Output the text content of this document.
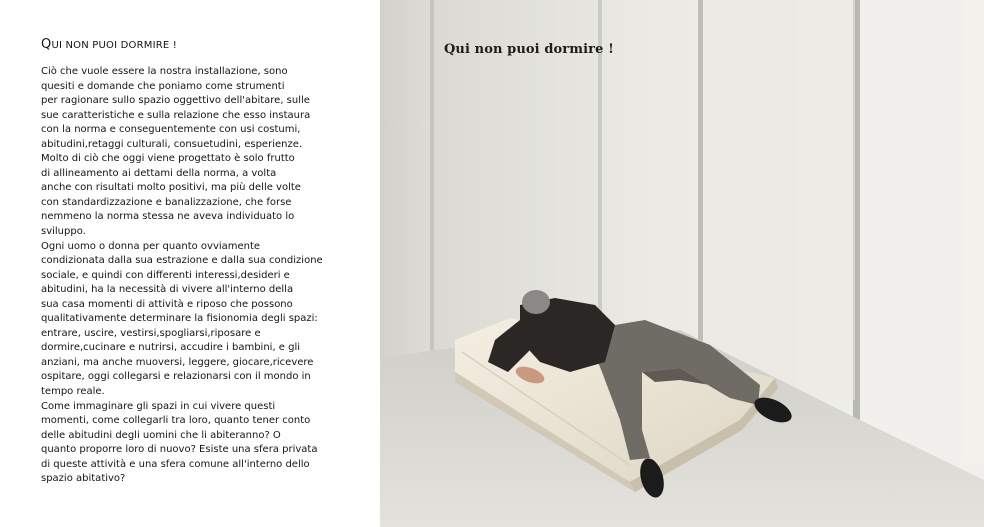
QUI NON PUOI DORMIRE !
Ciò che vuole essere la nostra installazione, sono
quesiti e domande che poniamo come strumenti
per ragionare sullo spazio oggettivo dell'abitare, sulle
sue caratteristiche e sulla relazione che esso instaura
con la norma e conseguentemente con usi costumi,
abitudini,retaggi culturali, consuetudini, esperienze.
Molto di ciò che oggi viene progettato è solo frutto
di allineamento ai dettami della norma, a volta
anche con risultati molto positivi, ma più delle volte
con standardizzazione e banalizzazione, che forse
nemmeno la norma stessa ne aveva individuato lo
sviluppo.
Ogni uomo o donna per quanto ovviamente
condizionata dalla sua estrazione e dalla sua condizione
sociale, e quindi con differenti interessi,desideri e
abitudini, ha la necessità di vivere all'interno della
sua casa momenti di attività e riposo che possono
qualitativamente determinare la fisionomia degli spazi:
entrare, uscire, vestirsi,spogliarsi,riposare e
dormire,cucinare e nutrirsi, accudire i bambini, e gli
anziani, ma anche muoversi, leggere, giocare,ricevere
ospitare, oggi collegarsi e relazionarsi con il mondo in
tempo reale.
Come immaginare gli spazi in cui vivere questi
momenti, come collegarli tra loro, quanto tener conto
delle abitudini degli uomini che li abiteranno? O
quanto proporre loro di nuovo? Esiste una sfera privata
di queste attività e una sfera comune all'interno dello
spazio abitativo?
Qui non puoi dormire !
